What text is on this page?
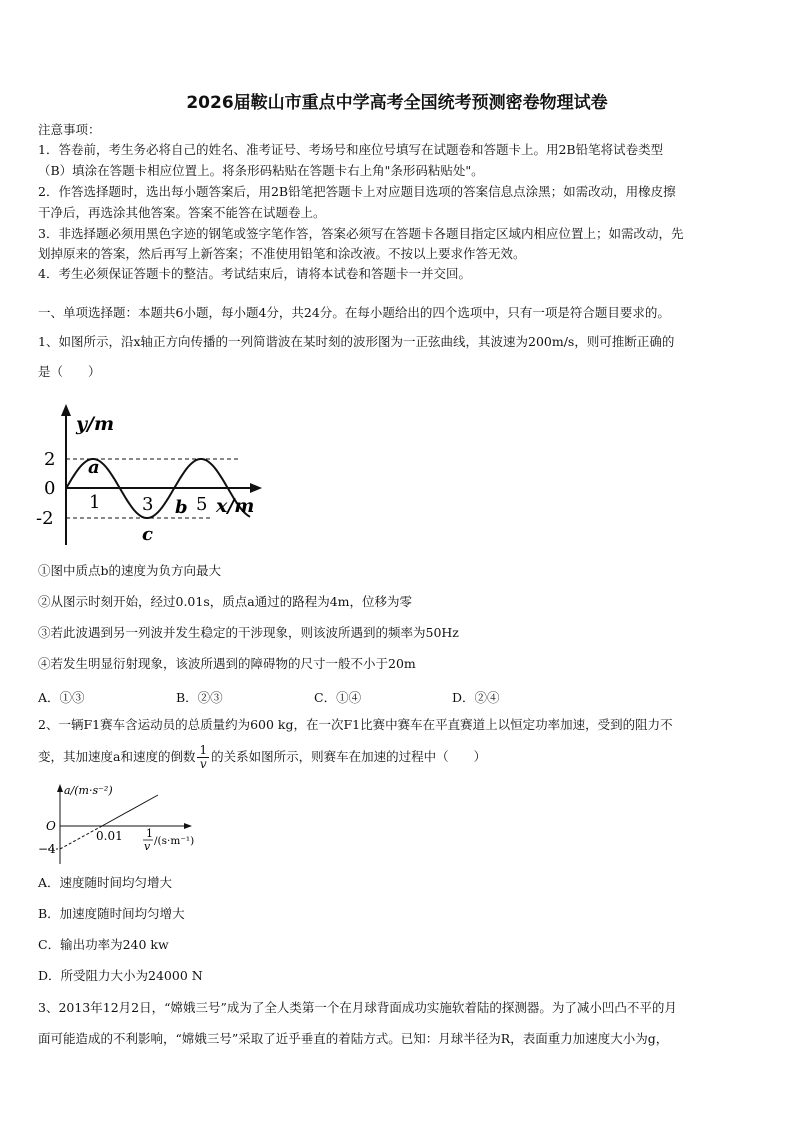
2026届鞍山市重点中学高考全国统考预测密卷物理试卷
注意事项：
1．答卷前，考生务必将自己的姓名、准考证号、考场号和座位号填写在试题卷和答题卡上。用2B铅笔将试卷类型
（B）填涂在答题卡相应位置上。将条形码粘贴在答题卡右上角"条形码粘贴处"。
2．作答选择题时，选出每小题答案后，用2B铅笔把答题卡上对应题目选项的答案信息点涂黑；如需改动，用橡皮擦
干净后，再选涂其他答案。答案不能答在试题卷上。
3．非选择题必须用黑色字迹的钢笔或签字笔作答，答案必须写在答题卡各题目指定区域内相应位置上；如需改动，先
划掉原来的答案，然后再写上新答案；不准使用铅笔和涂改液。不按以上要求作答无效。
4．考生必须保证答题卡的整洁。考试结束后，请将本试卷和答题卡一并交回。
一、单项选择题：本题共6小题，每小题4分，共24分。在每小题给出的四个选项中，只有一项是符合题目要求的。
1、如图所示，沿x轴正方向传播的一列简谐波在某时刻的波形图为一正弦曲线，其波速为200m/s，则可推断正确的
是（　　）
y/m
2
0
-2
1 3 5 x/m
a
b
c
①图中质点b的速度为负方向最大
②从图示时刻开始，经过0.01s，质点a通过的路程为4m，位移为零
③若此波遇到另一列波并发生稳定的干涉现象，则该波所遇到的频率为50Hz
④若发生明显衍射现象，该波所遇到的障碍物的尺寸一般不小于20m
A．①③	B．②③	C．①④	D．②④
2、一辆F1赛车含运动员的总质量约为600 kg，在一次F1比赛中赛车在平直赛道上以恒定功率加速，受到的阻力不
变，其加速度a和速度的倒数 $\frac{1}{v}$ 的关系如图所示，则赛车在加速的过程中（　　）
a/(m·s⁻²)
O
−4
0.01 1
v /(s·m⁻¹)
A．速度随时间均匀增大
B．加速度随时间均匀增大
C．输出功率为240 kw
D．所受阻力大小为24000 N
3、2013年12月2日，“嫦娥三号”成为了全人类第一个在月球背面成功实施软着陆的探测器。为了减小凹凸不平的月
面可能造成的不利影响，“嫦娥三号”采取了近乎垂直的着陆方式。已知：月球半径为R，表面重力加速度大小为g，
